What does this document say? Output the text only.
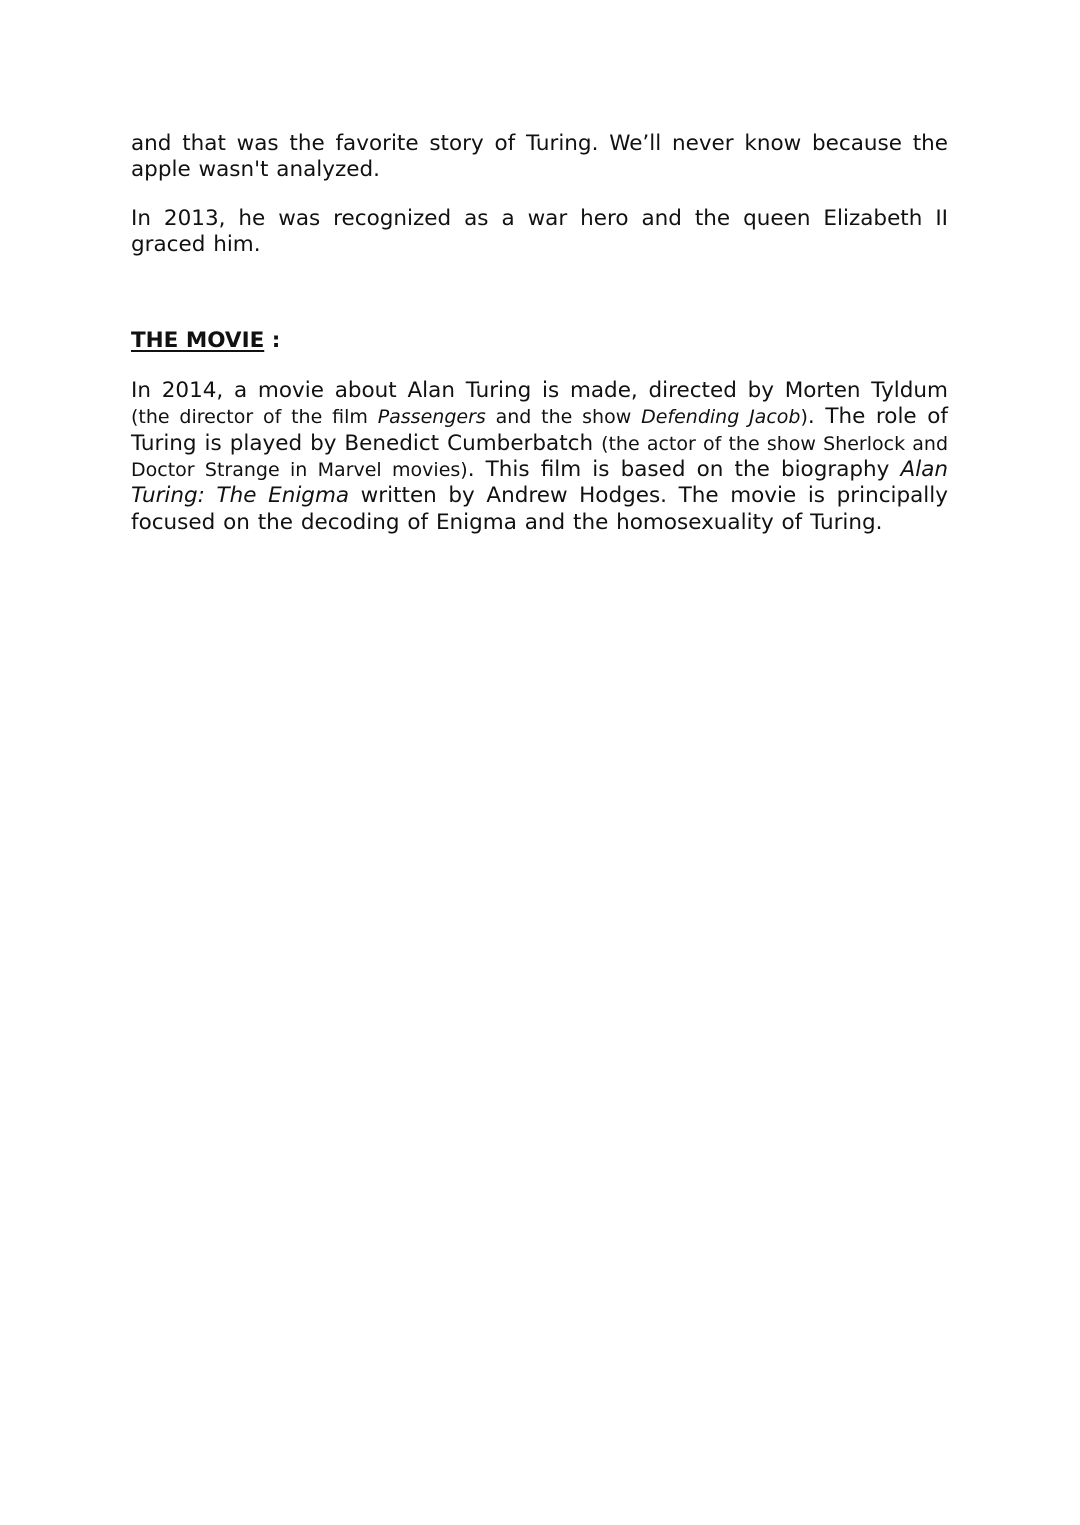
and that was the favorite story of Turing. We’ll never know because the apple wasn't analyzed.

In 2013, he was recognized as a war hero and the queen Elizabeth II graced him.

THE MOVIE :

In 2014, a movie about Alan Turing is made, directed by Morten Tyldum (the director of the film Passengers and the show Defending Jacob). The role of Turing is played by Benedict Cumberbatch (the actor of the show Sherlock and Doctor Strange in Marvel movies). This film is based on the biography Alan Turing: The Enigma written by Andrew Hodges. The movie is principally focused on the decoding of Enigma and the homosexuality of Turing.
